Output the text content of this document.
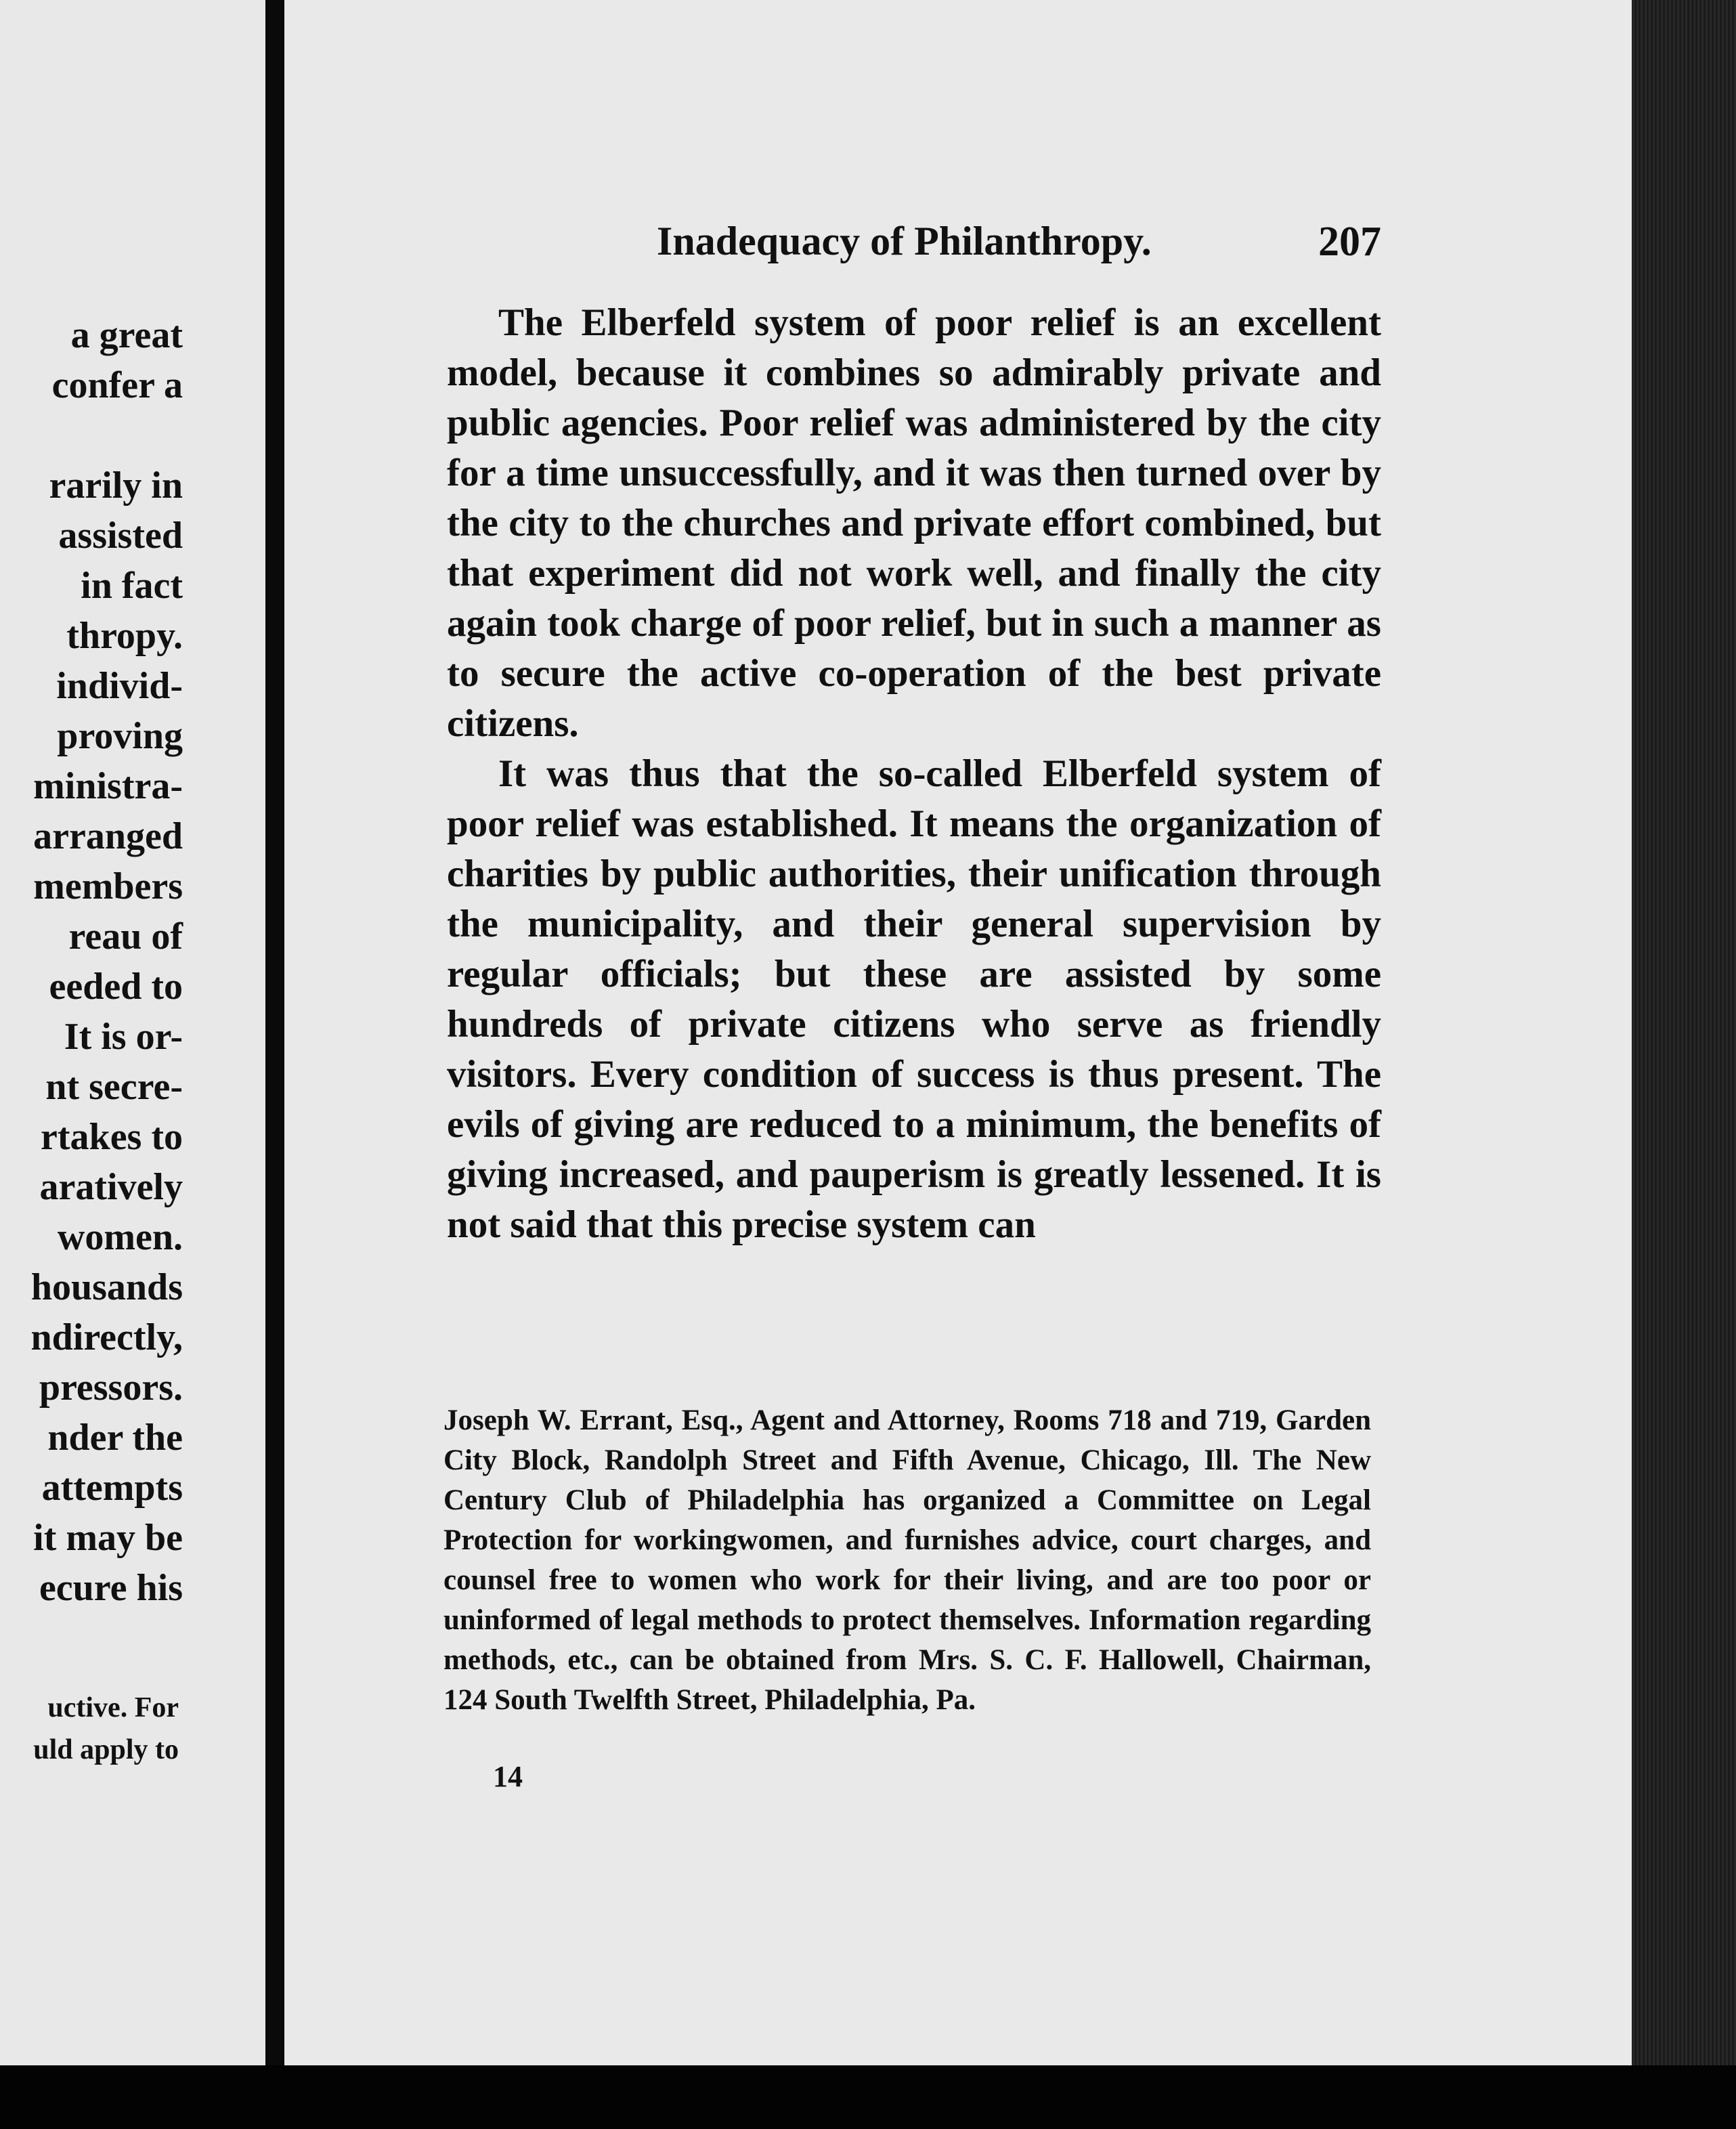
a great
confer a
rarily in
assisted
in fact
thropy.
individ-
proving
ministra-
arranged
members
reau of
eeded to
It is or-
nt secre-
rtakes to
aratively
women.
housands
ndirectly,
pressors.
nder the
attempts
it may be
ecure his
uctive. For
uld apply to
Inadequacy of Philanthropy.	207

The Elberfeld system of poor relief is an excellent model, because it combines so admirably private and public agencies. Poor relief was administered by the city for a time unsuccessfully, and it was then turned over by the city to the churches and private effort combined, but that experiment did not work well, and finally the city again took charge of poor relief, but in such a manner as to secure the active co-operation of the best private citizens.

It was thus that the so-called Elberfeld system of poor relief was established. It means the organization of charities by public authorities, their unification through the municipality, and their general supervision by regular officials; but these are assisted by some hundreds of private citizens who serve as friendly visitors. Every condition of success is thus present. The evils of giving are reduced to a minimum, the benefits of giving increased, and pauperism is greatly lessened. It is not said that this precise system can

Joseph W. Errant, Esq., Agent and Attorney, Rooms 718 and 719, Garden City Block, Randolph Street and Fifth Avenue, Chicago, Ill. The New Century Club of Philadelphia has organized a Committee on Legal Protection for workingwomen, and furnishes advice, court charges, and counsel free to women who work for their living, and are too poor or uninformed of legal methods to protect themselves. Information regarding methods, etc., can be obtained from Mrs. S. C. F. Hallowell, Chairman, 124 South Twelfth Street, Philadelphia, Pa.
14
